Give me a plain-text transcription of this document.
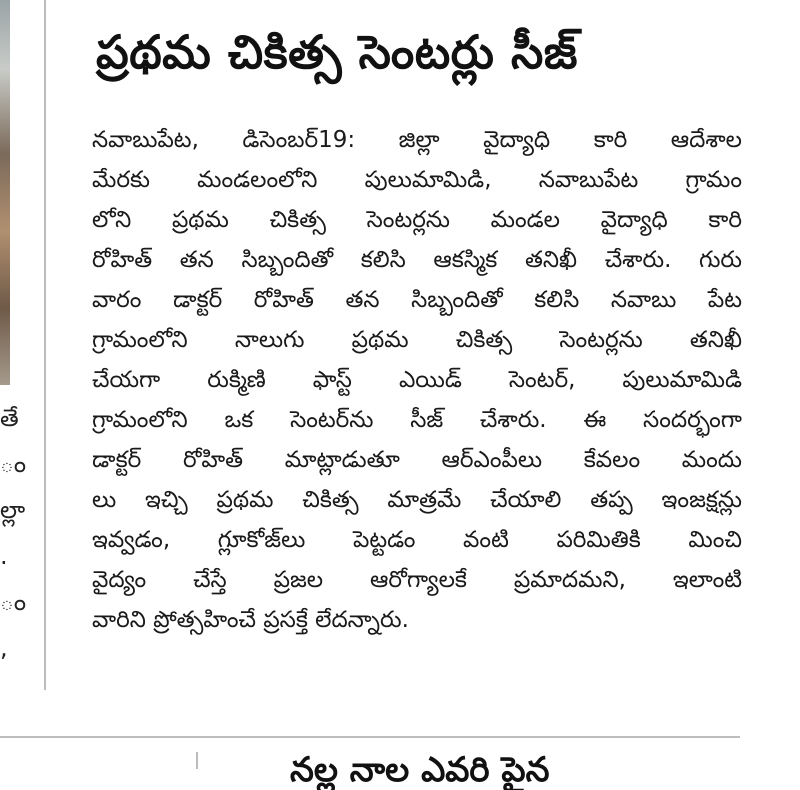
తే
ం
ల్లా
.
ం
,
ప్రథమ చికిత్స సెంటర్లు సీజ్
నవాబుపేట, డిసెంబర్19: జిల్లా వైద్యాధి కారి ఆదేశాల
మేరకు మండలంలోని పులుమామిడి, నవాబుపేట గ్రామం
లోని ప్రథమ చికిత్స సెంటర్లను మండల వైద్యాధి కారి
రోహిత్ తన సిబ్బందితో కలిసి ఆకస్మిక తనిఖీ చేశారు. గురు
వారం డాక్టర్ రోహిత్ తన సిబ్బందితో కలిసి నవాబు పేట
గ్రామంలోని నాలుగు ప్రథమ చికిత్స సెంటర్లను తనిఖీ
చేయగా రుక్మిణి ఫాస్ట్ ఎయిడ్ సెంటర్, పులుమామిడి
గ్రామంలోని ఒక సెంటర్‌ను సీజ్ చేశారు. ఈ సందర్భంగా
డాక్టర్ రోహిత్ మాట్లాడుతూ ఆర్‌ఎంపీలు కేవలం మందు
లు ఇచ్చి ప్రథమ చికిత్స మాత్రమే చేయాలి తప్ప ఇంజక్షన్లు
ఇవ్వడం, గ్లూకోజ్‌లు పెట్టడం వంటి పరిమితికి మించి
వైద్యం చేస్తే ప్రజల ఆరోగ్యాలకే ప్రమాదమని, ఇలాంటి
వారిని ప్రోత్సహించే ప్రసక్తే లేదన్నారు.
నల్ల నాల ఎవరి పైన
